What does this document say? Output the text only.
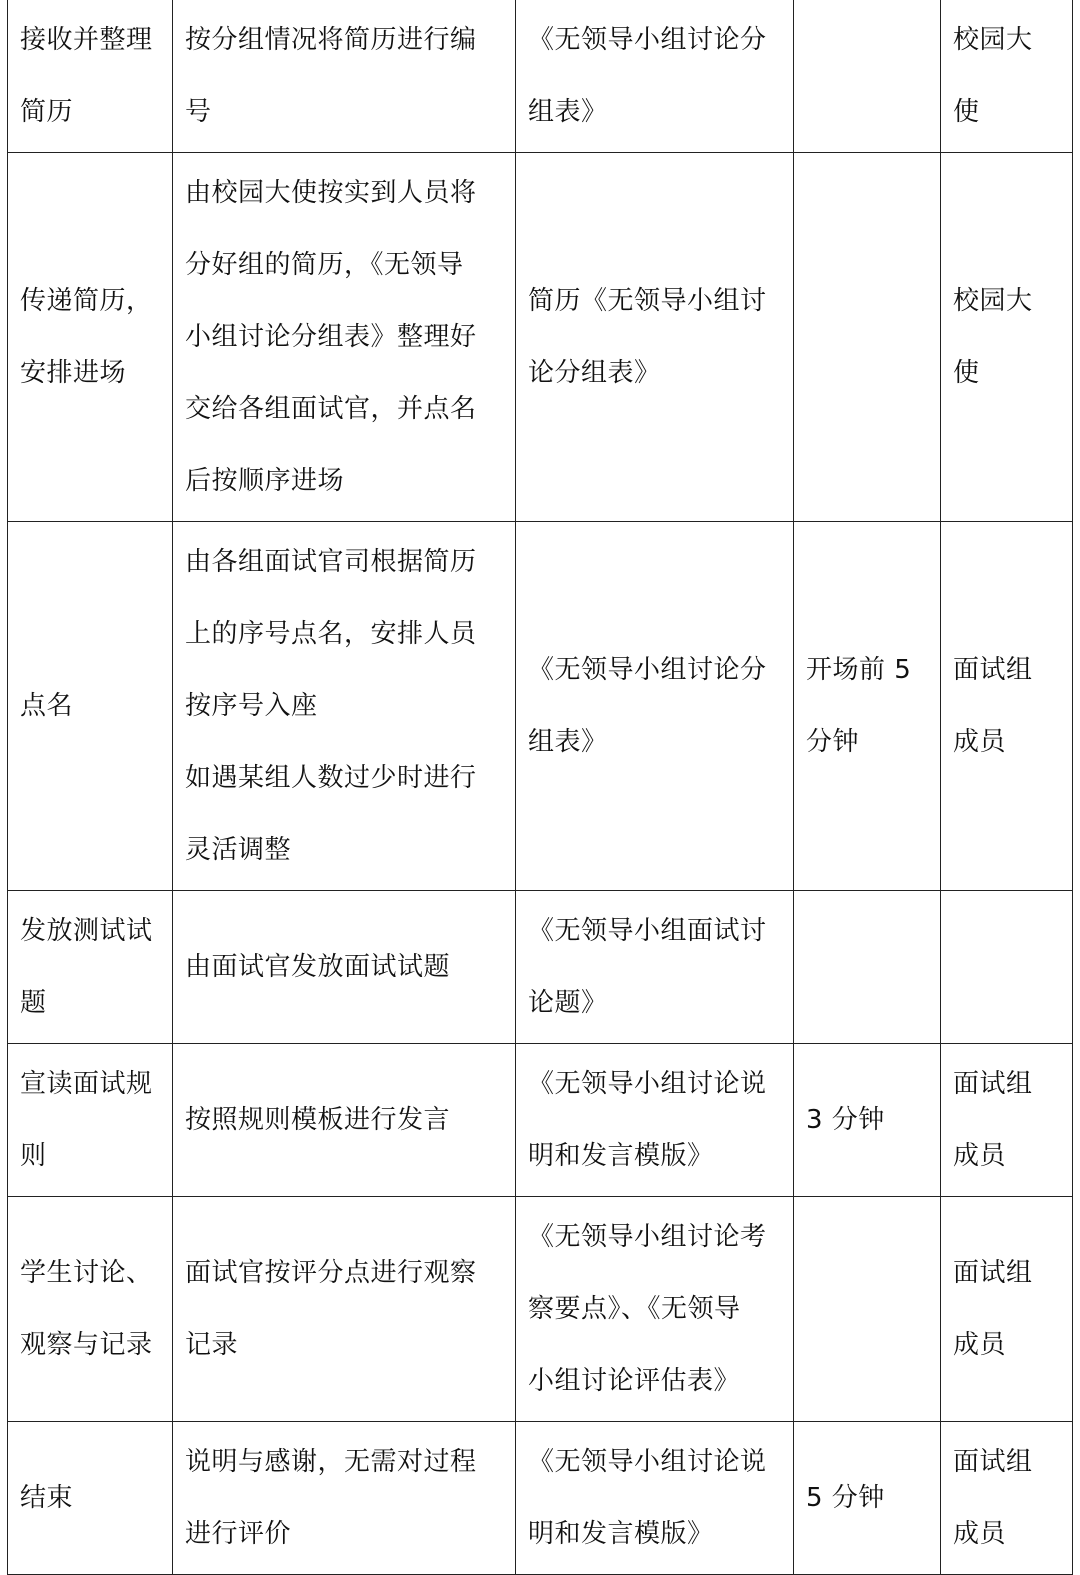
接收并整理
简历	按分组情况将简历进行编
号	《无领导小组讨论分
组表》		校园大
使

传递简历，
安排进场	由校园大使按实到人员将
分好组的简历，《无领导
小组讨论分组表》整理好
交给各组面试官，并点名
后按顺序进场	简历《无领导小组讨
论分组表》		校园大
使

点名	由各组面试官司根据简历
上的序号点名，安排人员
按序号入座
如遇某组人数过少时进行
灵活调整	《无领导小组讨论分
组表》	开场前 5
分钟	面试组
成员

发放测试试
题	由面试官发放面试试题	《无领导小组面试讨
论题》		

宣读面试规
则	按照规则模板进行发言	《无领导小组讨论说
明和发言模版》	3 分钟	面试组
成员

学生讨论、
观察与记录	面试官按评分点进行观察
记录	《无领导小组讨论考
察要点》、《无领导
小组讨论评估表》		面试组
成员

结束	说明与感谢，无需对过程
进行评价	《无领导小组讨论说
明和发言模版》	5 分钟	面试组
成员
